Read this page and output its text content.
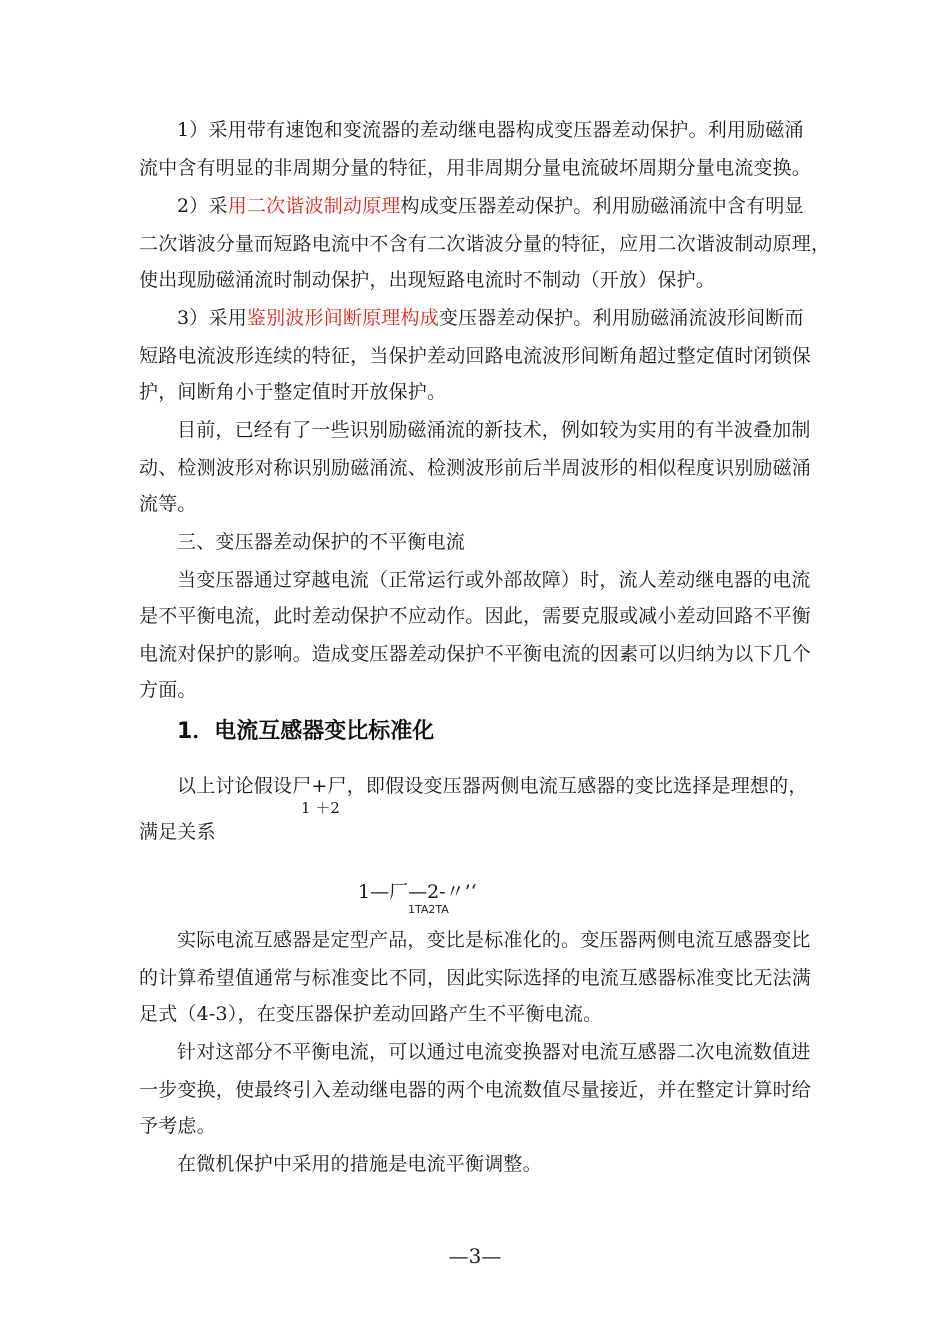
1）采用带有速饱和变流器的差动继电器构成变压器差动保护。利用励磁涌
流中含有明显的非周期分量的特征，用非周期分量电流破坏周期分量电流变换。
2）采用二次谐波制动原理构成变压器差动保护。利用励磁涌流中含有明显
二次谐波分量而短路电流中不含有二次谐波分量的特征，应用二次谐波制动原理，
使出现励磁涌流时制动保护，出现短路电流时不制动（开放）保护。
3）采用鉴别波形间断原理构成变压器差动保护。利用励磁涌流波形间断而
短路电流波形连续的特征，当保护差动回路电流波形间断角超过整定值时闭锁保
护，间断角小于整定值时开放保护。
目前，已经有了一些识别励磁涌流的新技术，例如较为实用的有半波叠加制
动、检测波形对称识别励磁涌流、检测波形前后半周波形的相似程度识别励磁涌
流等。
三、变压器差动保护的不平衡电流
当变压器通过穿越电流（正常运行或外部故障）时，流人差动继电器的电流
是不平衡电流，此时差动保护不应动作。因此，需要克服或减小差动回路不平衡
电流对保护的影响。造成变压器差动保护不平衡电流的因素可以归纳为以下几个
方面。
1．电流互感器变比标准化
以上讨论假设尸+尸，即假设变压器两侧电流互感器的变比选择是理想的，
1 ＋2
满足关系
1—厂—2-〃’‘
1TA2TA
实际电流互感器是定型产品，变比是标准化的。变压器两侧电流互感器变比
的计算希望值通常与标准变比不同，因此实际选择的电流互感器标准变比无法满
足式（4-3），在变压器保护差动回路产生不平衡电流。
针对这部分不平衡电流，可以通过电流变换器对电流互感器二次电流数值进
一步变换，使最终引入差动继电器的两个电流数值尽量接近，并在整定计算时给
予考虑。
在微机保护中采用的措施是电流平衡调整。
—3—
